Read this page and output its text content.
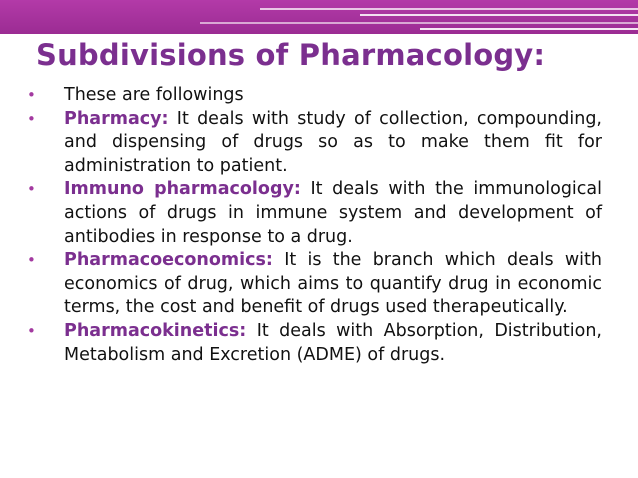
Subdivisions of Pharmacology:
• These are followings
• Pharmacy: It deals with study of collection, compounding, and dispensing of drugs so as to make them fit for administration to patient.
• Immuno pharmacology: It deals with the immunological actions of drugs in immune system and development of antibodies in response to a drug.
• Pharmacoeconomics: It is the branch which deals with economics of drug, which aims to quantify drug in economic terms, the cost and benefit of drugs used therapeutically.
• Pharmacokinetics: It deals with Absorption, Distribution, Metabolism and Excretion (ADME) of drugs.
